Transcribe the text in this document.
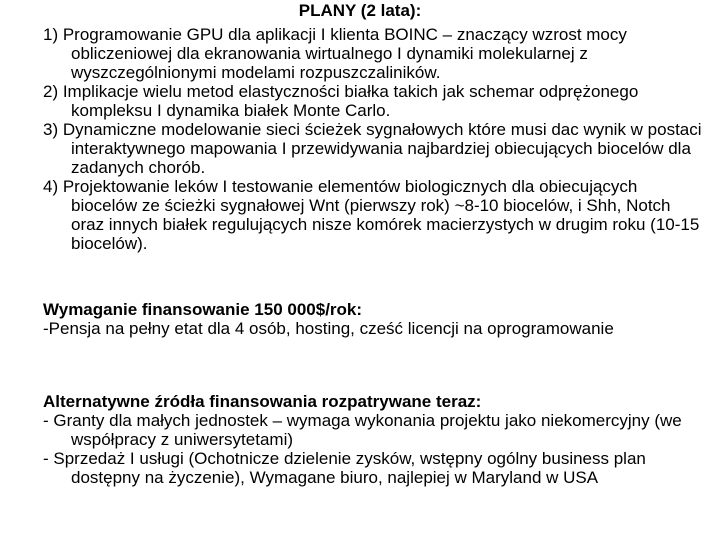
PLANY (2 lata):

1) Programowanie GPU dla aplikacji I klienta BOINC – znaczący wzrost mocy obliczeniowej dla ekranowania wirtualnego I dynamiki molekularnej z wyszczególnionymi modelami rozpuszczaliników.

2) Implikacje wielu metod elastyczności białka takich jak schemar odprężonego kompleksu I dynamika białek Monte Carlo.

3) Dynamiczne modelowanie sieci ścieżek sygnałowych które musi dac wynik w postaci interaktywnego mapowania I przewidywania najbardziej obiecujących biocelów dla zadanych chorób.

4) Projektowanie leków I testowanie elementów biologicznych dla obiecujących biocelów ze ścieżki sygnałowej Wnt (pierwszy rok) ~8-10 biocelów, i Shh, Notch oraz innych białek regulujących nisze komórek macierzystych w drugim roku (10-15 biocelów).

Wymaganie finansowanie 150 000$/rok:

-Pensja na pełny etat dla 4 osób, hosting, cześć licencji na oprogramowanie

Alternatywne źródła finansowania rozpatrywane teraz:

- Granty dla małych jednostek – wymaga wykonania projektu jako niekomercyjny (we współpracy z uniwersytetami)

- Sprzedaż I usługi (Ochotnicze dzielenie zysków, wstępny ogólny business plan dostępny na życzenie), Wymagane biuro, najlepiej w Maryland w USA
